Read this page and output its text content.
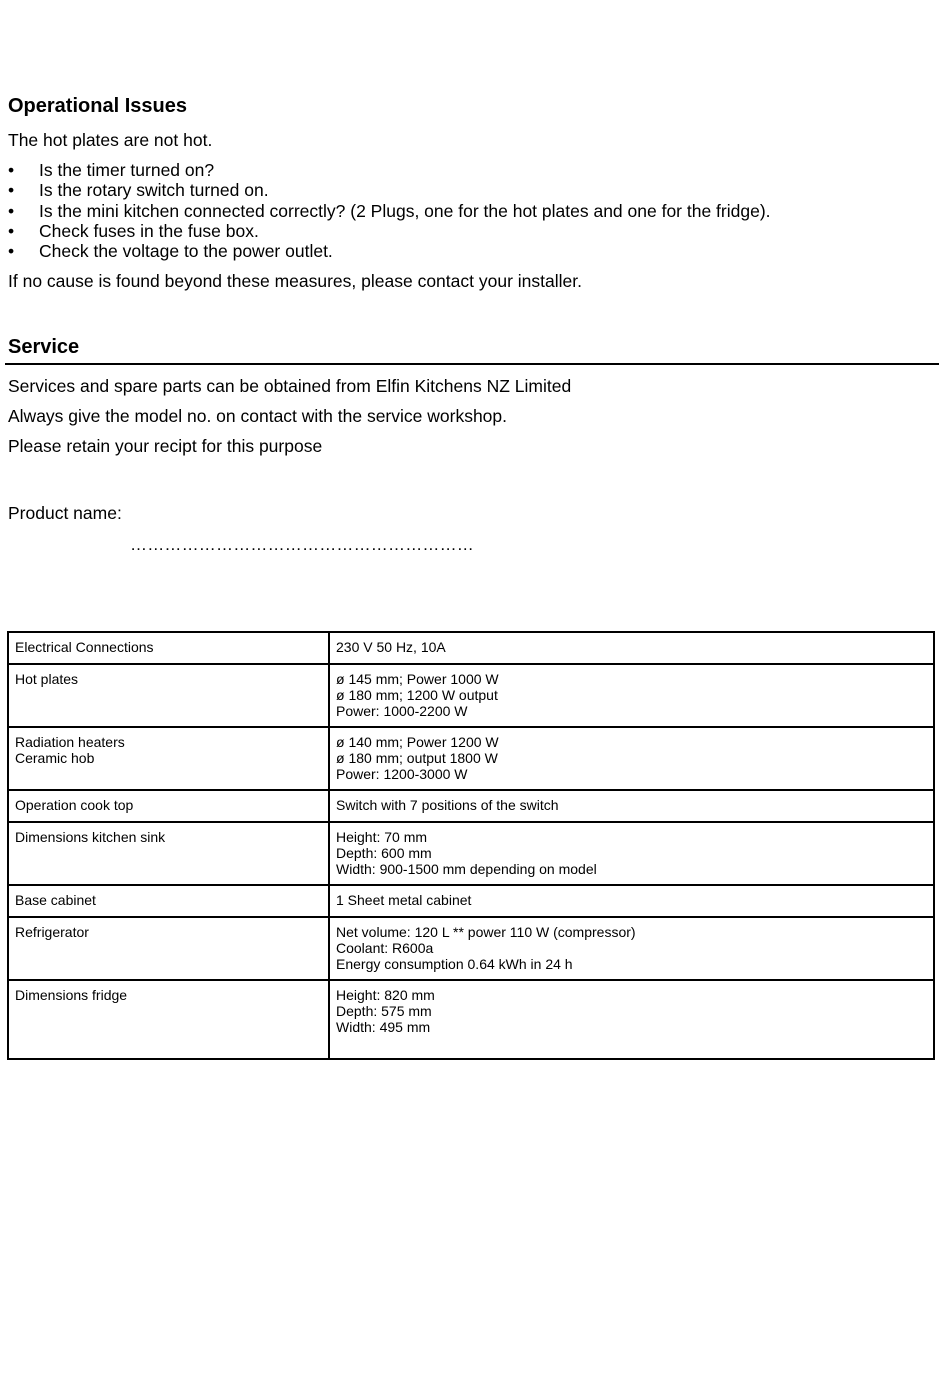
Operational Issues

The hot plates are not hot.

• Is the timer turned on?
• Is the rotary switch turned on.
• Is the mini kitchen connected correctly? (2 Plugs, one for the hot plates and one for the fridge).
• Check fuses in the fuse box.
• Check the voltage to the power outlet.

If no cause is found beyond these measures, please contact your installer.

Service

Services and spare parts can be obtained from Elfin Kitchens NZ Limited

Always give the model no. on contact with the service workshop.

Please retain your recipt for this purpose

Product name:

……………………………………………………

Electrical Connections	230 V 50 Hz, 10A

Hot plates	ø 145 mm; Power 1000 W
ø 180 mm; 1200 W output
Power: 1000-2200 W

Radiation heaters
Ceramic hob	ø 140 mm; Power 1200 W
ø 180 mm; output 1800 W
Power: 1200-3000 W

Operation cook top	Switch with 7 positions of the switch

Dimensions kitchen sink	Height: 70 mm
Depth: 600 mm
Width: 900-1500 mm depending on model

Base cabinet	1 Sheet metal cabinet

Refrigerator	Net volume: 120 L ** power 110 W (compressor)
Coolant: R600a
Energy consumption 0.64 kWh in 24 h

Dimensions fridge	Height: 820 mm
Depth: 575 mm
Width: 495 mm
